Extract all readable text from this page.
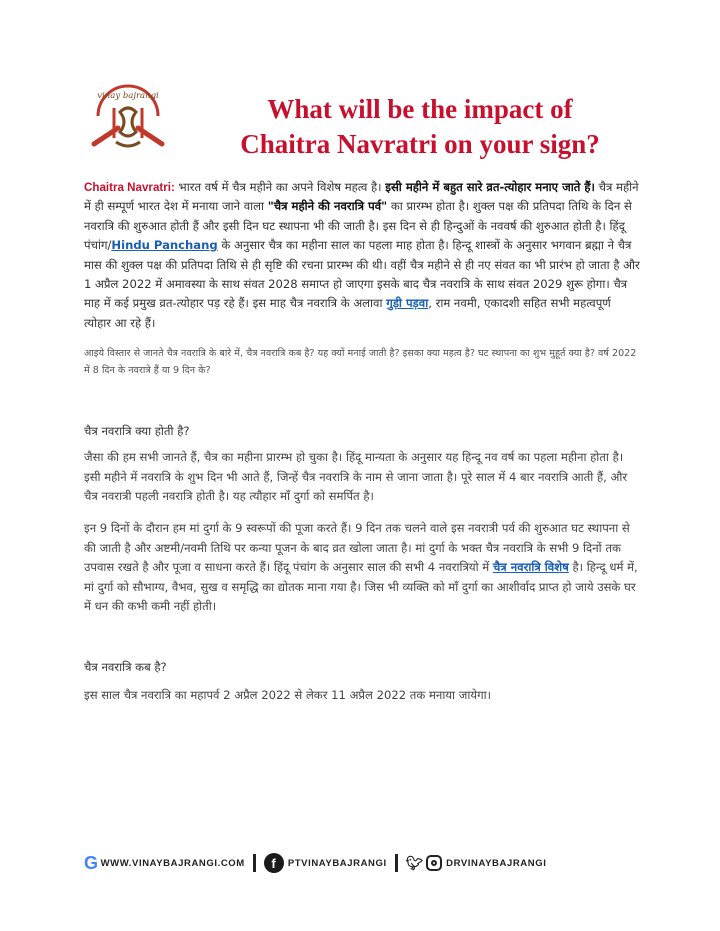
vinay bajrangi	What will be the impact of
Chaitra Navratri on your sign?

Chaitra Navratri: भारत वर्ष में चैत्र महीने का अपने विशेष महत्व है। इसी महीने में बहुत सारे व्रत-त्योहार मनाए जाते हैं। चैत्र महीने में ही सम्पूर्ण भारत देश में मनाया जाने वाला "चैत्र महीने की नवरात्रि पर्व" का प्रारम्भ होता है। शुक्ल पक्ष की प्रतिपदा तिथि के दिन से नवरात्रि की शुरुआत होती हैं और इसी दिन घट स्थापना भी की जाती है। इस दिन से ही हिन्दुओं के नववर्ष की शुरुआत होती है। हिंदू पंचांग/Hindu Panchang के अनुसार चैत्र का महीना साल का पहला माह होता है। हिन्दू शास्त्रों के अनुसार भगवान ब्रह्मा ने चैत्र मास की शुक्ल पक्ष की प्रतिपदा तिथि से ही सृष्टि की रचना प्रारम्भ की थी। वहीं चैत्र महीने से ही नए संवत का भी प्रारंभ हो जाता है और 1 अप्रैल 2022 में अमावस्या के साथ संवत 2028 समाप्त हो जाएगा इसके बाद चैत्र नवरात्रि के साथ संवत 2029 शुरू होगा। चैत्र माह में कई प्रमुख व्रत-त्योहार पड़ रहे हैं। इस माह चैत्र नवरात्रि के अलावा गुड़ी पड़वा, राम नवमी, एकादशी सहित सभी महत्वपूर्ण त्योहार आ रहे हैं।

आइये विस्तार से जानते चैत्र नवरात्रि के बारे में, चैत्र नवरात्रि कब है? यह क्यों मनाई जाती है? इसका क्या महत्व है? घट स्थापना का शुभ मुहूर्त क्या है? वर्ष 2022 में 8 दिन के नवरात्रे हैं या 9 दिन के?

चैत्र नवरात्रि क्या होती है?

जैसा की हम सभी जानते हैं, चैत्र का महीना प्रारम्भ हो चुका है। हिंदू मान्यता के अनुसार यह हिन्दू नव वर्ष का पहला महीना होता है। इसी महीने में नवरात्रि के शुभ दिन भी आते हैं, जिन्हें चैत्र नवरात्रि के नाम से जाना जाता है। पूरे साल में 4 बार नवरात्रि आती हैं, और चैत्र नवरात्री पहली नवरात्रि होती है। यह त्यौहार माँ दुर्गा को समर्पित है।

इन 9 दिनों के दौरान हम मां दुर्गा के 9 स्वरूपों की पूजा करते हैं। 9 दिन तक चलने वाले इस नवरात्री पर्व की शुरुआत घट स्थापना से की जाती है और अष्टमी/नवमी तिथि पर कन्या पूजन के बाद व्रत खोला जाता है। मां दुर्गा के भक्त चैत्र नवरात्रि के सभी 9 दिनों तक उपवास रखते है और पूजा व साधना करते हैं। हिंदू पंचांग के अनुसार साल की सभी 4 नवरात्रियो में चैत्र नवरात्रि विशेष है। हिन्दू धर्म में, मां दुर्गा को सौभाग्य, वैभव, सुख व समृद्धि का द्योतक माना गया है। जिस भी व्यक्ति को माँ दुर्गा का आशीर्वाद प्राप्त हो जाये उसके घर में धन की कभी कमी नहीं होती।

चैत्र नवरात्रि कब है?

इस साल चैत्र नवरात्रि का महापर्व 2 अप्रैल 2022 से लेकर 11 अप्रैल 2022 तक मनाया जायेगा।

G WWW.VINAYBAJRANGI.COM	f	PTVINAYBAJRANGI 🐦︎ DRVINAYBAJRANGI
